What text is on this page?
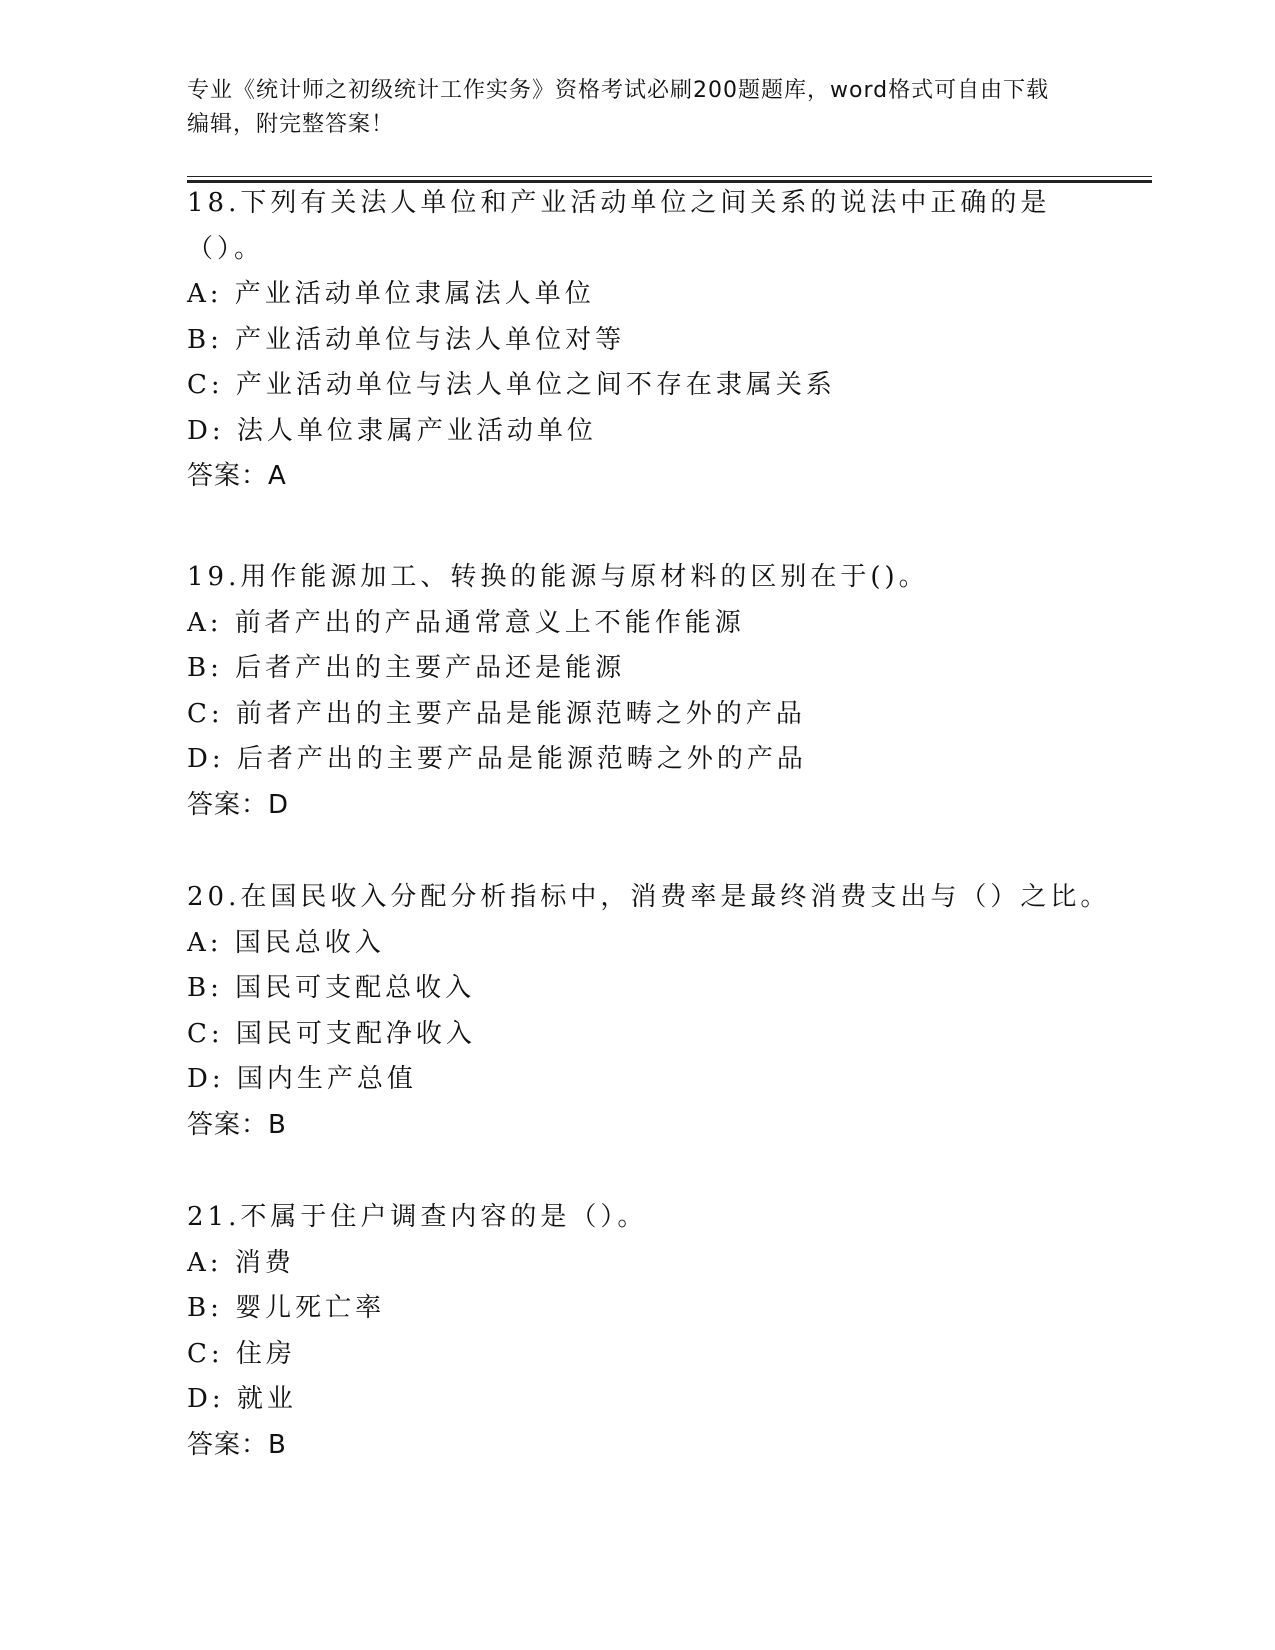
专业《统计师之初级统计工作实务》资格考试必刷200题题库，word格式可自由下载编辑，附完整答案！
18.下列有关法人单位和产业活动单位之间关系的说法中正确的是（）。
A: 产业活动单位隶属法人单位
B: 产业活动单位与法人单位对等
C: 产业活动单位与法人单位之间不存在隶属关系
D: 法人单位隶属产业活动单位
答案：A
19.用作能源加工、转换的能源与原材料的区别在于()。
A: 前者产出的产品通常意义上不能作能源
B: 后者产出的主要产品还是能源
C: 前者产出的主要产品是能源范畴之外的产品
D: 后者产出的主要产品是能源范畴之外的产品
答案：D
20.在国民收入分配分析指标中，消费率是最终消费支出与（）之比。
A: 国民总收入
B: 国民可支配总收入
C: 国民可支配净收入
D: 国内生产总值
答案：B
21.不属于住户调查内容的是（）。
A: 消费
B: 婴儿死亡率
C: 住房
D: 就业
答案：B
